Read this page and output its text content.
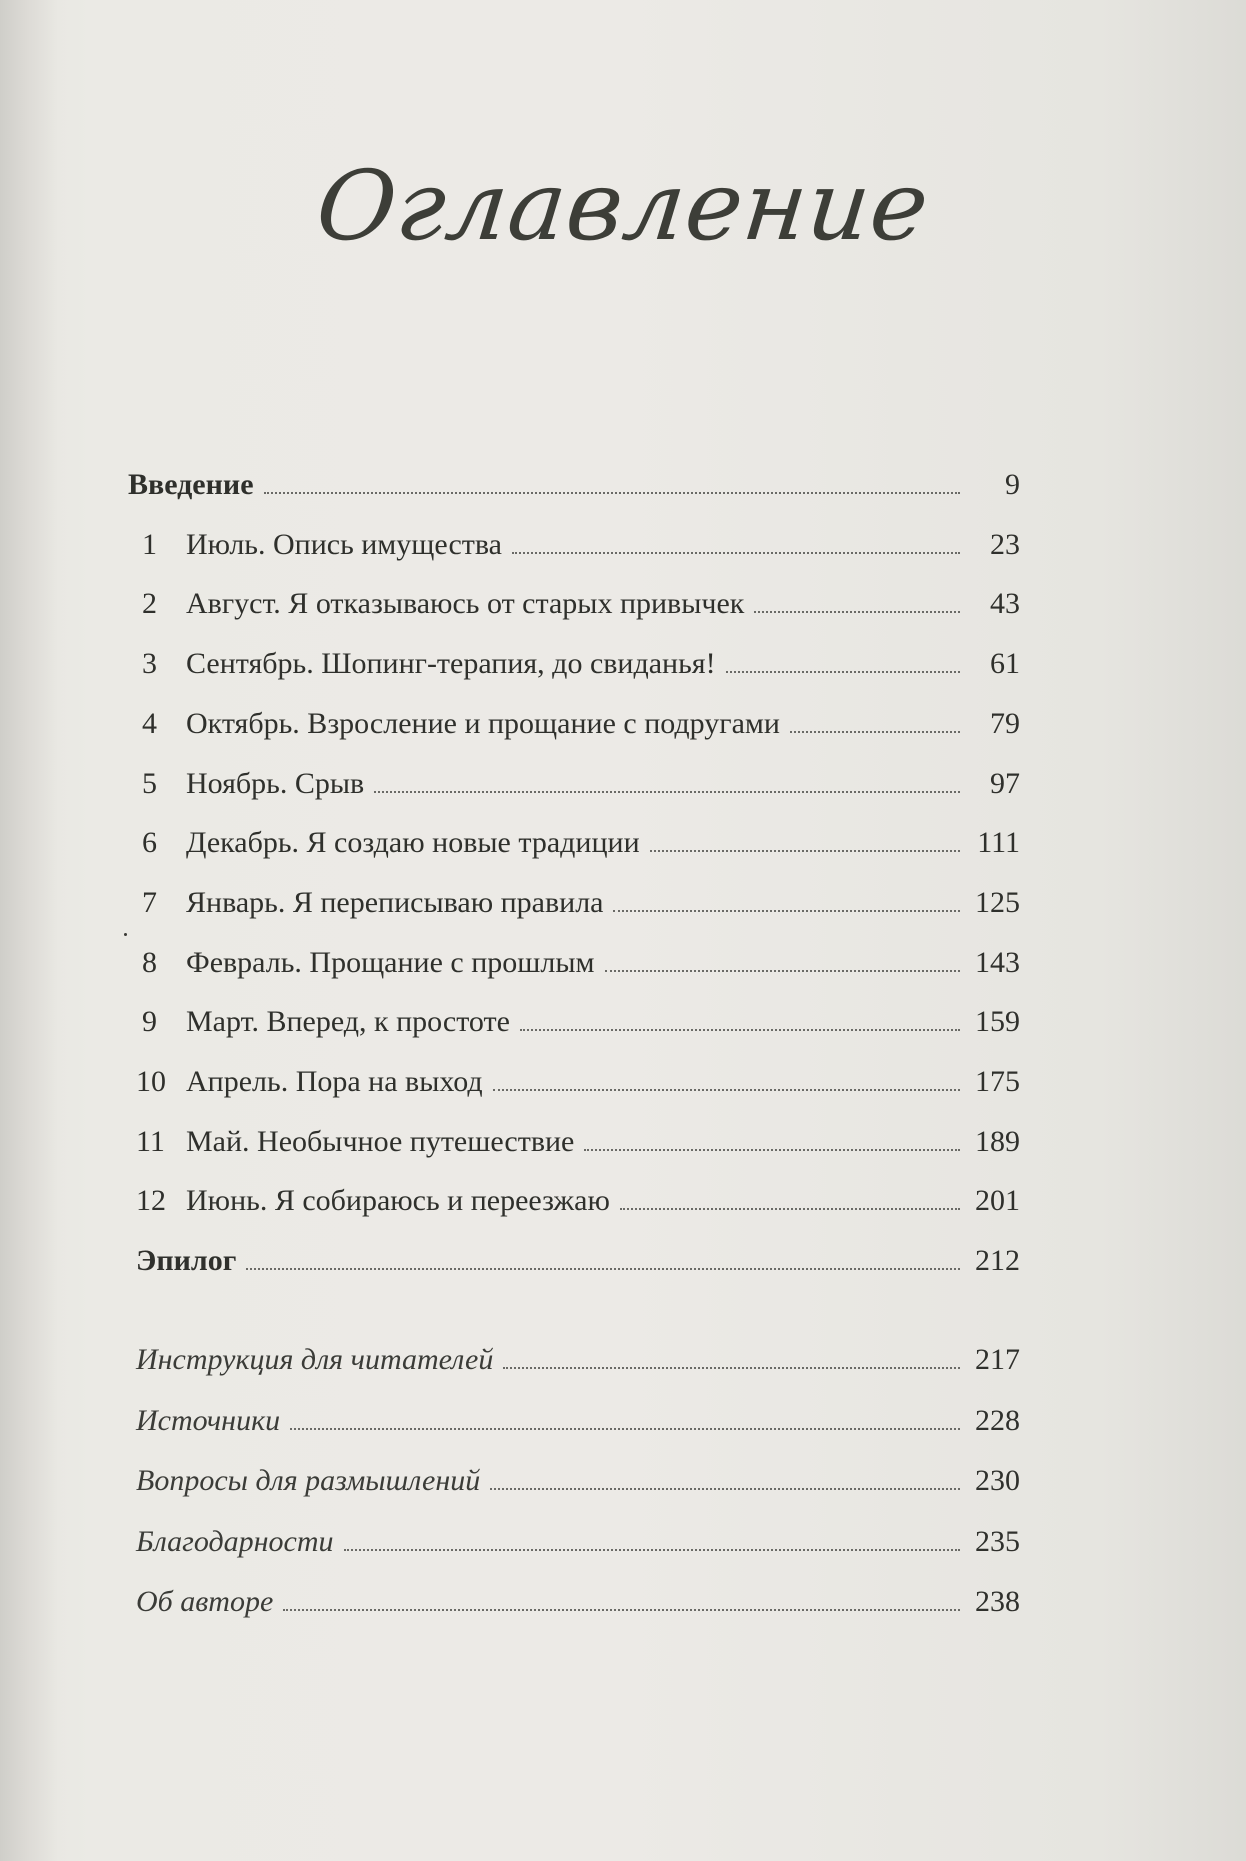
Оглавление
Введение	9
1 Июль. Опись имущества	23
2 Август. Я отказываюсь от старых привычек	43
3 Сентябрь. Шопинг-терапия, до свиданья!	61
4 Октябрь. Взросление и прощание с подругами	79
5 Ноябрь. Срыв	97
6 Декабрь. Я создаю новые традиции	111
7 Январь. Я переписываю правила	125
8 Февраль. Прощание с прошлым	143
9 Март. Вперед, к простоте	159
10 Апрель. Пора на выход	175
11 Май. Необычное путешествие	189
12 Июнь. Я собираюсь и переезжаю	201
Эпилог	212
Инструкция для читателей	217
Источники	228
Вопросы для размышлений	230
Благодарности	235
Об авторе	238
